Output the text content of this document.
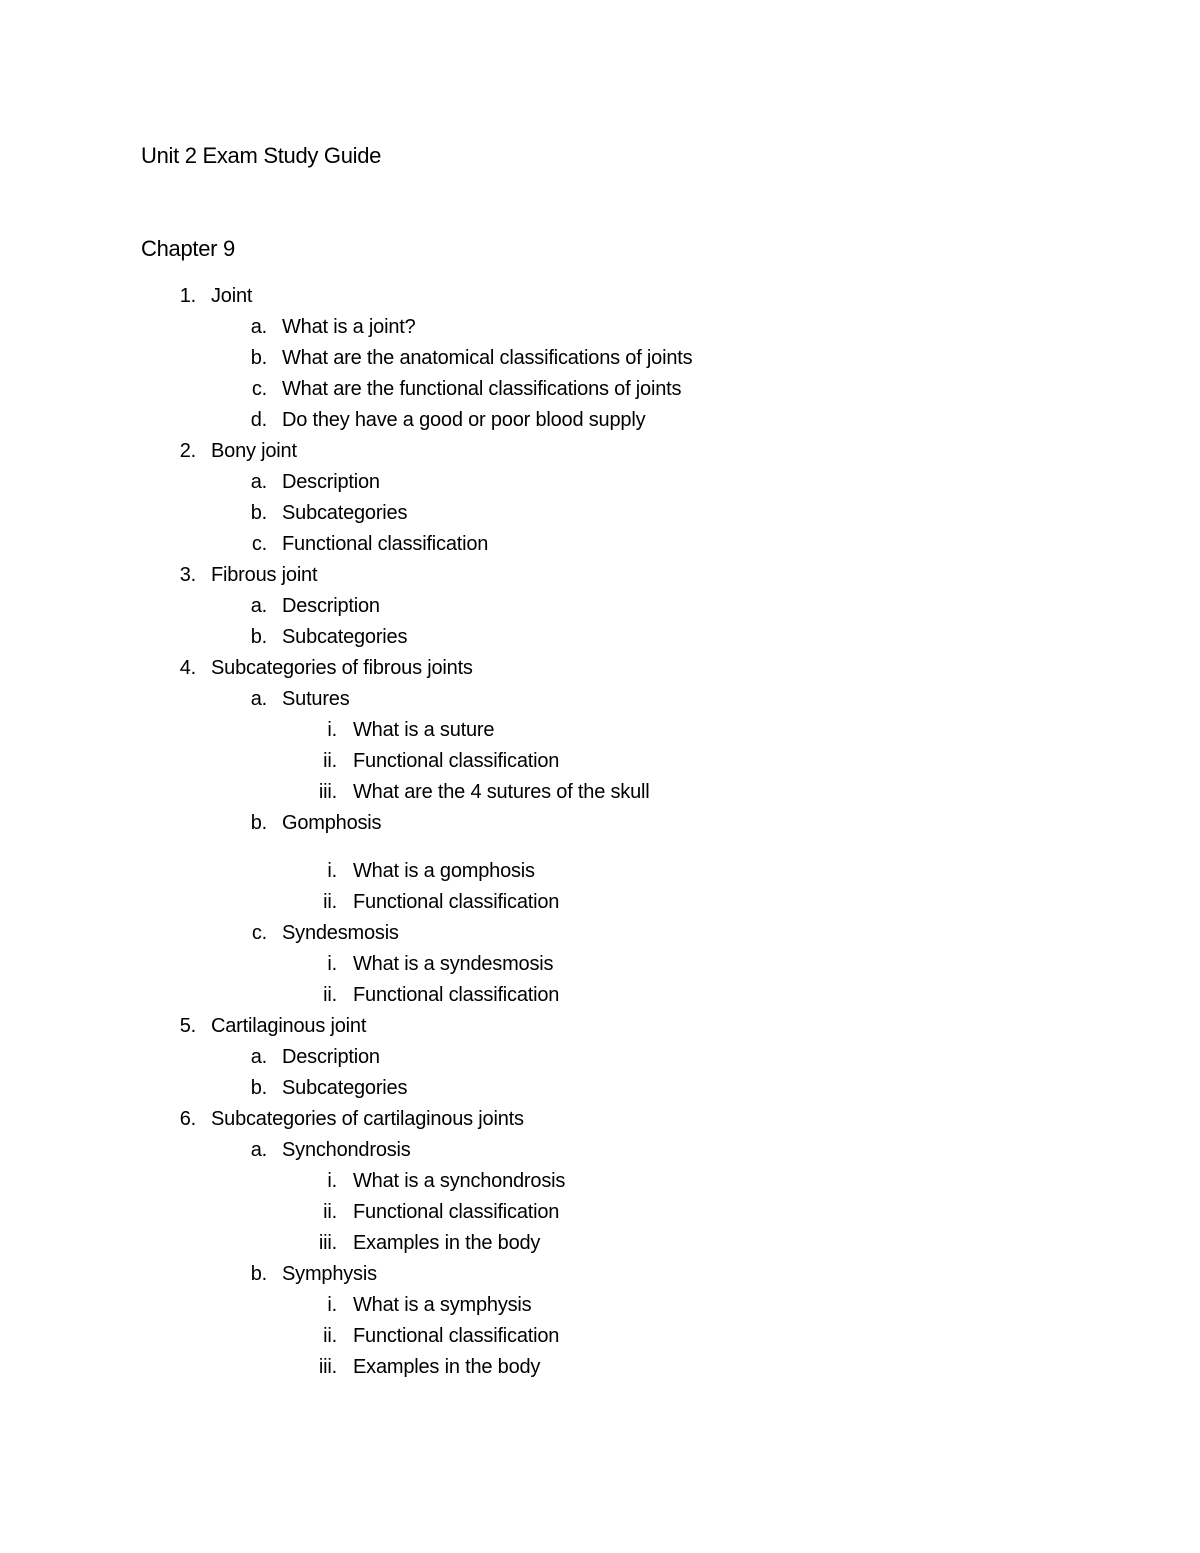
Unit 2 Exam Study Guide
Chapter 9
1. Joint
a. What is a joint?
b. What are the anatomical classifications of joints
c. What are the functional classifications of joints
d. Do they have a good or poor blood supply
2. Bony joint
a. Description
b. Subcategories
c. Functional classification
3. Fibrous joint
a. Description
b. Subcategories
4. Subcategories of fibrous joints
a. Sutures
i. What is a suture
ii. Functional classification
iii. What are the 4 sutures of the skull
b. Gomphosis
i. What is a gomphosis
ii. Functional classification
c. Syndesmosis
i. What is a syndesmosis
ii. Functional classification
5. Cartilaginous joint
a. Description
b. Subcategories
6. Subcategories of cartilaginous joints
a. Synchondrosis
i. What is a synchondrosis
ii. Functional classification
iii. Examples in the body
b. Symphysis
i. What is a symphysis
ii. Functional classification
iii. Examples in the body
